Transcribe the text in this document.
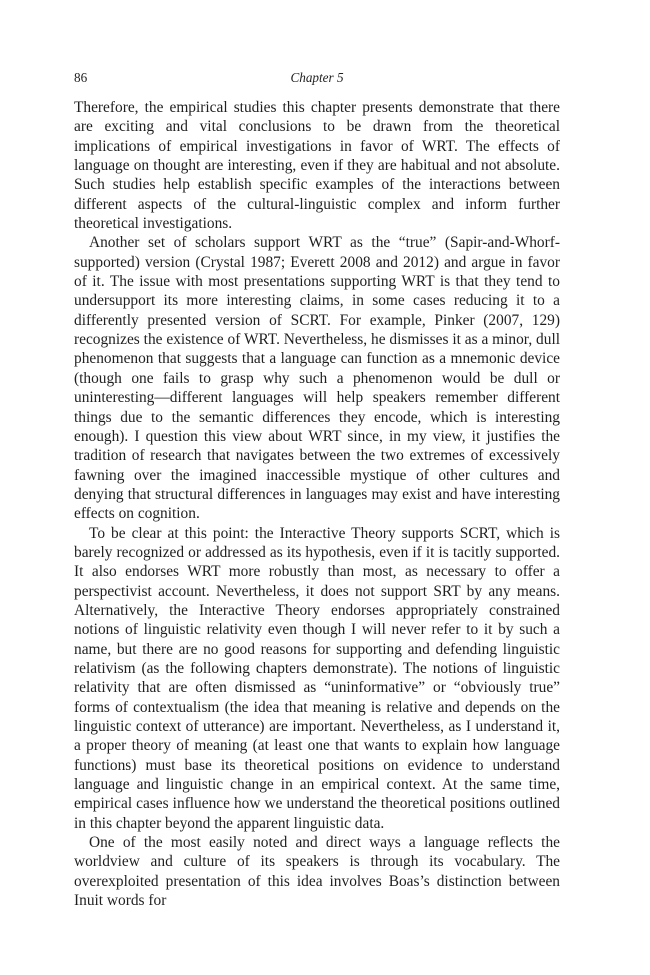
86	Chapter 5

Therefore, the empirical studies this chapter presents demonstrate that there are exciting and vital conclusions to be drawn from the theoretical implications of empirical investigations in favor of WRT. The effects of language on thought are interesting, even if they are habitual and not absolute. Such studies help establish specific examples of the interactions between different aspects of the cultural-linguistic complex and inform further theoretical investigations.

Another set of scholars support WRT as the “true” (Sapir-and-Whorf-supported) version (Crystal 1987; Everett 2008 and 2012) and argue in favor of it. The issue with most presentations supporting WRT is that they tend to undersupport its more interesting claims, in some cases reducing it to a differently presented version of SCRT. For example, Pinker (2007, 129) recognizes the existence of WRT. Nevertheless, he dismisses it as a minor, dull phenomenon that suggests that a language can function as a mnemonic device (though one fails to grasp why such a phenomenon would be dull or uninteresting—different languages will help speakers remember different things due to the semantic differences they encode, which is interesting enough). I question this view about WRT since, in my view, it justifies the tradition of research that navigates between the two extremes of excessively fawning over the imagined inaccessible mystique of other cultures and denying that structural differences in languages may exist and have interesting effects on cognition.

To be clear at this point: the Interactive Theory supports SCRT, which is barely recognized or addressed as its hypothesis, even if it is tacitly supported. It also endorses WRT more robustly than most, as necessary to offer a perspectivist account. Nevertheless, it does not support SRT by any means. Alternatively, the Interactive Theory endorses appropriately constrained notions of linguistic relativity even though I will never refer to it by such a name, but there are no good reasons for supporting and defending linguistic relativism (as the following chapters demonstrate). The notions of linguistic relativity that are often dismissed as “uninformative” or “obviously true” forms of contextualism (the idea that meaning is relative and depends on the linguistic context of utterance) are important. Nevertheless, as I understand it, a proper theory of meaning (at least one that wants to explain how language functions) must base its theoretical positions on evidence to understand language and linguistic change in an empirical context. At the same time, empirical cases influence how we understand the theoretical positions outlined in this chapter beyond the apparent linguistic data.

One of the most easily noted and direct ways a language reflects the worldview and culture of its speakers is through its vocabulary. The overexploited presentation of this idea involves Boas’s distinction between Inuit words for
